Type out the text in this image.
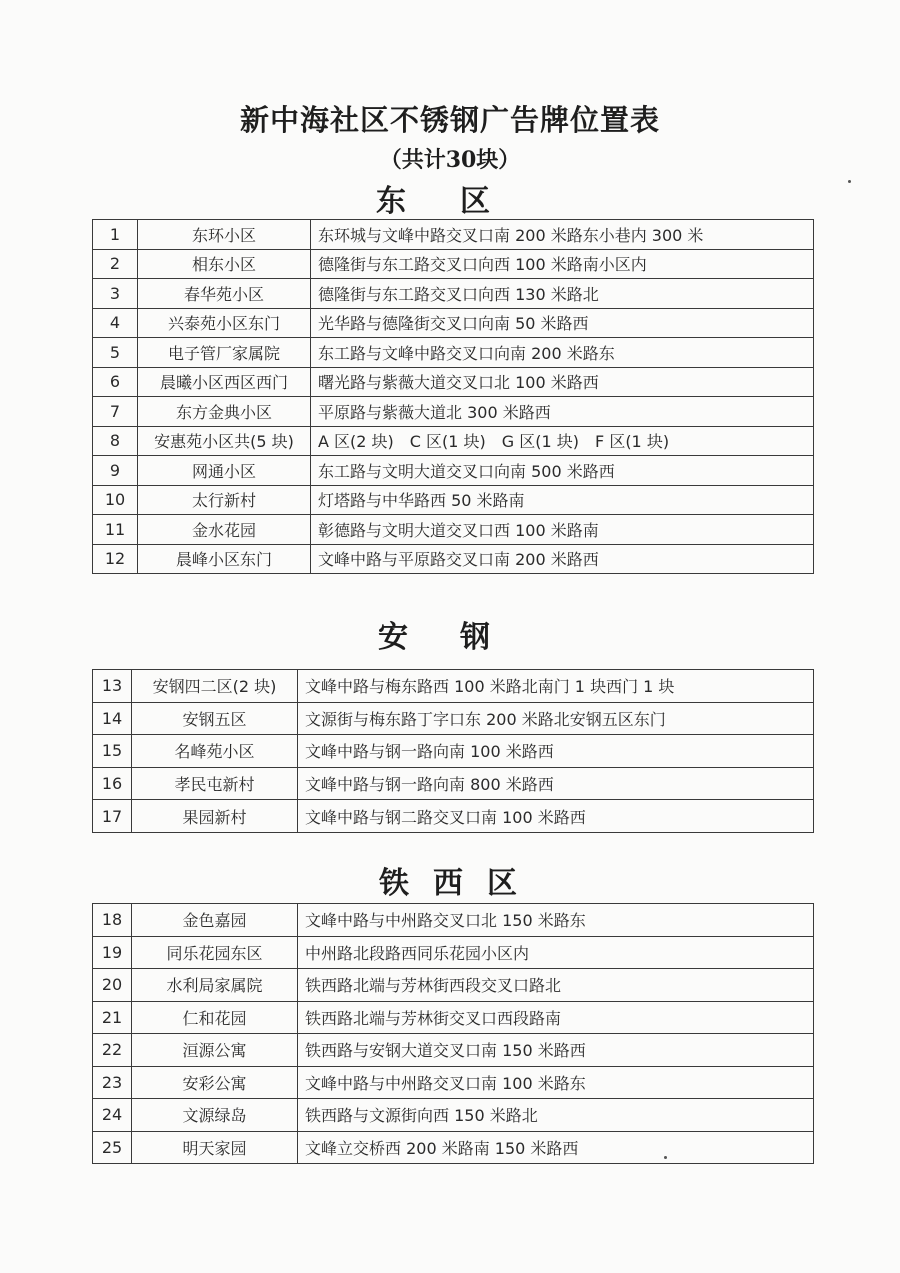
新中海社区不锈钢广告牌位置表
（共计30块）
东区
1	东环小区	东环城与文峰中路交叉口南 200 米路东小巷内 300 米
2	相东小区	德隆街与东工路交叉口向西 100 米路南小区内
3	春华苑小区	德隆街与东工路交叉口向西 130 米路北
4	兴泰苑小区东门	光华路与德隆街交叉口向南 50 米路西
5	电子管厂家属院	东工路与文峰中路交叉口向南 200 米路东
6	晨曦小区西区西门	曙光路与紫薇大道交叉口北 100 米路西
7	东方金典小区	平原路与紫薇大道北 300 米路西
8	安惠苑小区共(5 块)	A 区(2 块)　C 区(1 块)　G 区(1 块)　F 区(1 块)
9	网通小区	东工路与文明大道交叉口向南 500 米路西
10	太行新村	灯塔路与中华路西 50 米路南
11	金水花园	彰德路与文明大道交叉口西 100 米路南
12	晨峰小区东门	文峰中路与平原路交叉口南 200 米路西
安钢
13	安钢四二区(2 块)	文峰中路与梅东路西 100 米路北南门 1 块西门 1 块
14	安钢五区	文源街与梅东路丁字口东 200 米路北安钢五区东门
15	名峰苑小区	文峰中路与钢一路向南 100 米路西
16	孝民屯新村	文峰中路与钢一路向南 800 米路西
17	果园新村	文峰中路与钢二路交叉口南 100 米路西
铁西区
18	金色嘉园	文峰中路与中州路交叉口北 150 米路东
19	同乐花园东区	中州路北段路西同乐花园小区内
20	水利局家属院	铁西路北端与芳林街西段交叉口路北
21	仁和花园	铁西路北端与芳林街交叉口西段路南
22	洹源公寓	铁西路与安钢大道交叉口南 150 米路西
23	安彩公寓	文峰中路与中州路交叉口南 100 米路东
24	文源绿岛	铁西路与文源街向西 150 米路北
25	明天家园	文峰立交桥西 200 米路南 150 米路西
